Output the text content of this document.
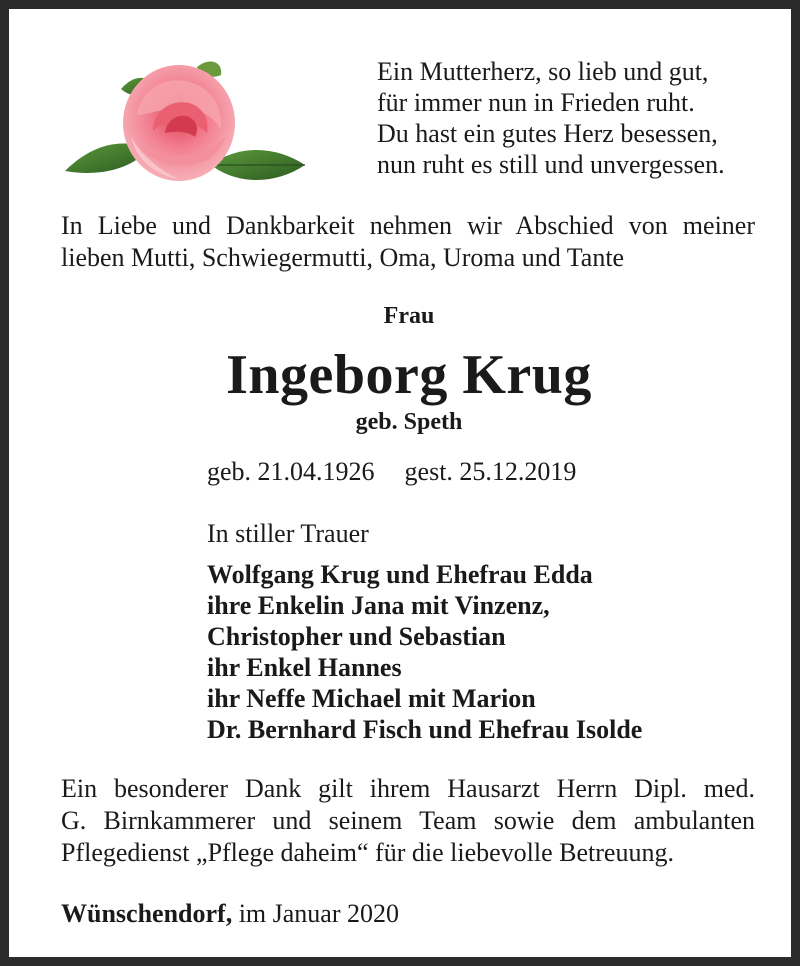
Ein Mutterherz, so lieb und gut,
für immer nun in Frieden ruht.
Du hast ein gutes Herz besessen,
nun ruht es still und unvergessen.
In Liebe und Dankbarkeit nehmen wir Abschied von meiner
lieben Mutti, Schwiegermutti, Oma, Uroma und Tante
Frau
Ingeborg Krug
geb. Speth
geb. 21.04.1926 gest. 25.12.2019
In stiller Trauer
Wolfgang Krug und Ehefrau Edda
ihre Enkelin Jana mit Vinzenz,
Christopher und Sebastian
ihr Enkel Hannes
ihr Neffe Michael mit Marion
Dr. Bernhard Fisch und Ehefrau Isolde
Ein besonderer Dank gilt ihrem Hausarzt Herrn Dipl. med.
G. Birnkammerer und seinem Team sowie dem ambulanten
Pflegedienst „Pflege daheim“ für die liebevolle Betreuung.
Wünschendorf, im Januar 2020
